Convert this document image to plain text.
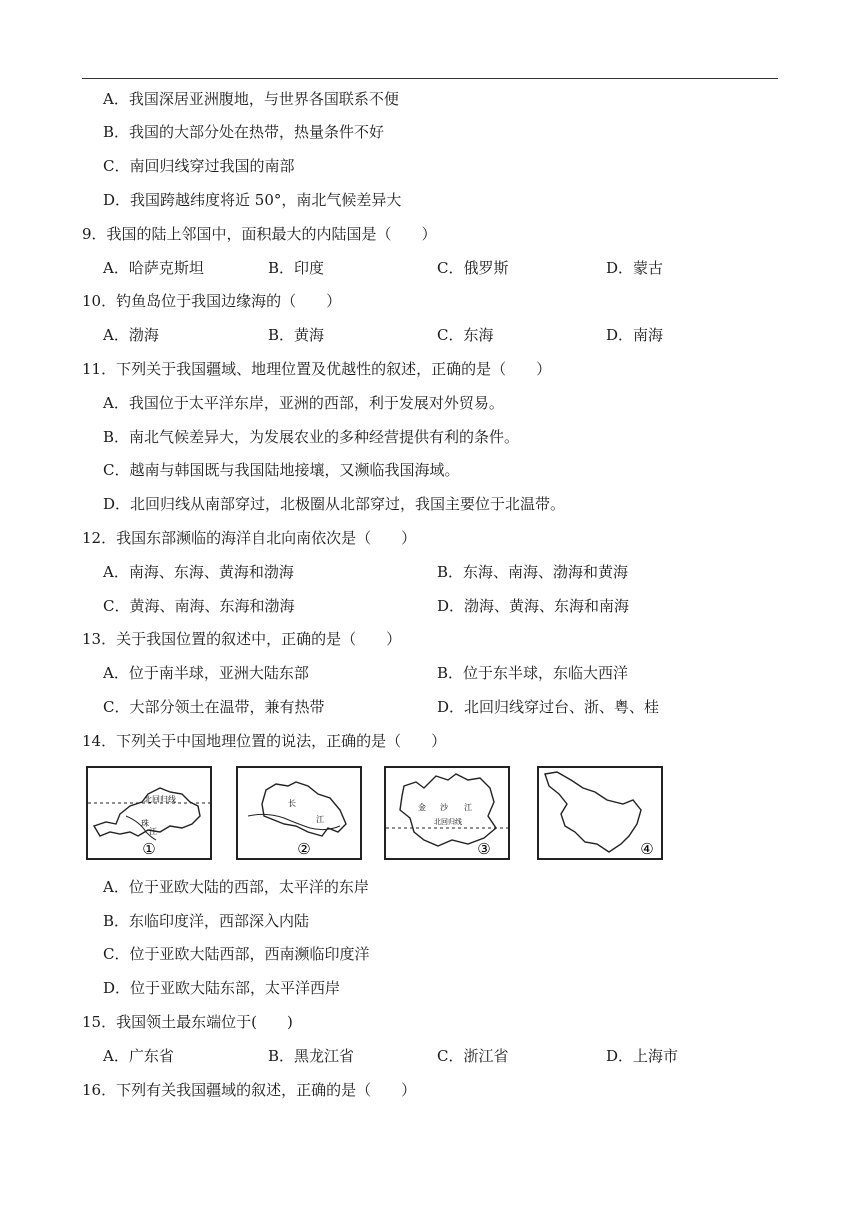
A．我国深居亚洲腹地，与世界各国联系不便
B．我国的大部分处在热带，热量条件不好
C．南回归线穿过我国的南部
D．我国跨越纬度将近 50°，南北气候差异大
9．我国的陆上邻国中，面积最大的内陆国是（　　）
A．哈萨克斯坦	B．印度	C．俄罗斯	D．蒙古
10．钓鱼岛位于我国边缘海的（　　）
A．渤海	B．黄海	C．东海	D．南海
11．下列关于我国疆域、地理位置及优越性的叙述，正确的是（　　）
A．我国位于太平洋东岸，亚洲的西部，利于发展对外贸易。
B．南北气候差异大，为发展农业的多种经营提供有利的条件。
C．越南与韩国既与我国陆地接壤，又濒临我国海域。
D．北回归线从南部穿过，北极圈从北部穿过，我国主要位于北温带。
12．我国东部濒临的海洋自北向南依次是（　　）
A．南海、东海、黄海和渤海	B．东海、南海、渤海和黄海
C．黄海、南海、东海和渤海	D．渤海、黄海、东海和南海
13．关于我国位置的叙述中，正确的是（　　）
A．位于南半球，亚洲大陆东部	B．位于东半球，东临大西洋
C．大部分领土在温带，兼有热带	D．北回归线穿过台、浙、粤、桂
14．下列关于中国地理位置的说法，正确的是（　　）
北回归线
珠
江
①
长
江
②
金 沙 江
北回归线
③	④
A．位于亚欧大陆的西部，太平洋的东岸
B．东临印度洋，西部深入内陆
C．位于亚欧大陆西部，西南濒临印度洋
D．位于亚欧大陆东部，太平洋西岸
15．我国领土最东端位于(　　)
A．广东省	B．黑龙江省	C．浙江省	D．上海市
16．下列有关我国疆域的叙述，正确的是（　　）
